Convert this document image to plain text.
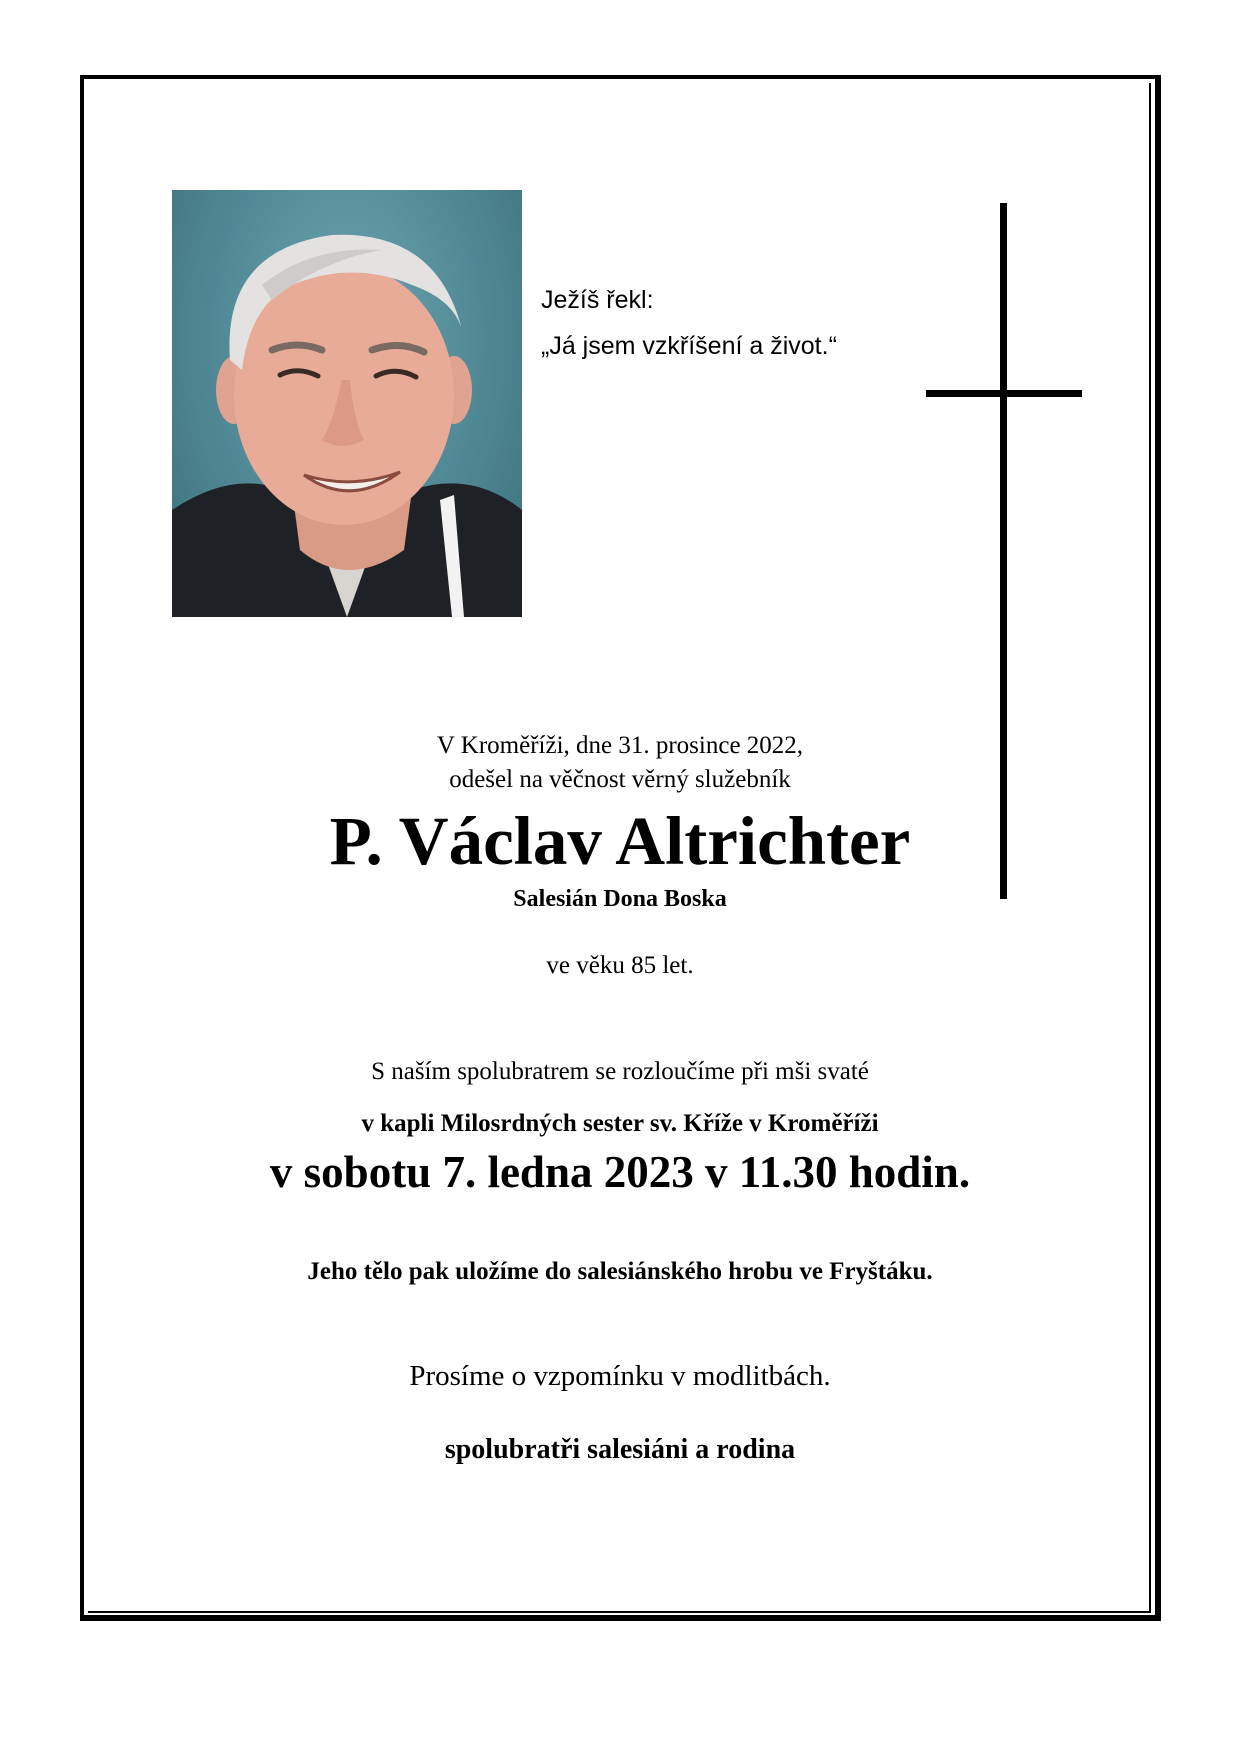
Ježíš řekl:
„Já jsem vzkříšení a život.“
V Kroměříži, dne 31. prosince 2022,
odešel na věčnost věrný služebník
P. Václav Altrichter
Salesián Dona Boska
ve věku 85 let.
S naším spolubratrem se rozloučíme při mši svaté
v kapli Milosrdných sester sv. Kříže v Kroměříži
v sobotu 7. ledna 2023 v 11.30 hodin.
Jeho tělo pak uložíme do salesiánského hrobu ve Fryštáku.
Prosíme o vzpomínku v modlitbách.
spolubratři salesiáni a rodina
